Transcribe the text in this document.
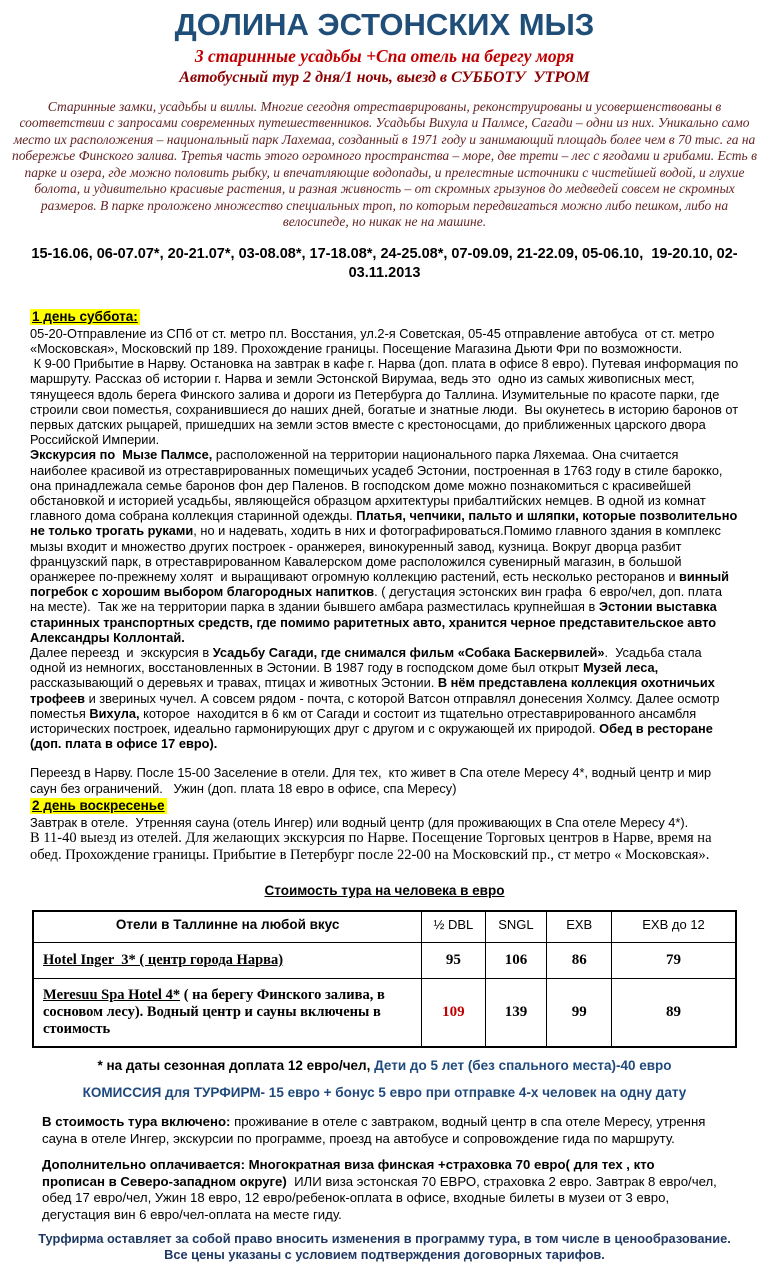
ДОЛИНА ЭСТОНСКИХ МЫЗ
3 старинные усадьбы +Спа отель на берегу моря
Автобусный тур 2 дня/1 ночь, выезд в СУББОТУ  УТРОМ

Старинные замки, усадьбы и виллы. Многие сегодня отреставрированы, реконструированы и усовершенствованы в соответствии с запросами современных путешественников. Усадьбы Вихула и Палмсе, Сагади – одни из них. Уникально само место их расположения – национальный парк Лахемаа, созданный в 1971 году и занимающий площадь более чем в 70 тыс. га на побережье Финского залива. Третья часть этого огромного пространства – море, две трети – лес с ягодами и грибами. Есть в парке и озера, где можно половить рыбку, и впечатляющие водопады, и прелестные источники с чистейшей водой, и глухие болота, и удивительно красивые растения, и разная живность – от скромных грызунов до медведей совсем не скромных размеров. В парке проложено множество специальных троп, по которым передвигаться можно либо пешком, либо на велосипеде, но никак не на машине.

15-16.06, 06-07.07*, 20-21.07*, 03-08.08*, 17-18.08*, 24-25.08*, 07-09.09, 21-22.09, 05-06.10,  19-20.10, 02-03.11.2013

1 день суббота:

05-20-Отправление из СПб от ст. метро пл. Восстания, ул.2-я Советская, 05-45 отправление автобуса  от ст. метро «Московская», Московский пр 189. Прохождение границы. Посещение Магазина Дьюти Фри по возможности.

К 9-00 Прибытие в Нарву. Остановка на завтрак в кафе г. Нарва (доп. плата в офисе 8 евро). Путевая информация по маршруту. Рассказ об истории г. Нарва и земли Эстонской Вирумаа, ведь это  одно из самых живописных мест, тянущееся вдоль берега Финского залива и дороги из Петербурга до Таллина. Изумительные по красоте парки, где строили свои поместья, сохранившиеся до наших дней, богатые и знатные люди.  Вы окунетесь в историю баронов от первых датских рыцарей, пришедших на земли эстов вместе с крестоносцами, до приближенных царского двора Российской Империи.

Экскурсия по  Мызе Палмсе, расположенной на территории национального парка Ляхемаа. Она считается наиболее красивой из отреставрированных помещичьих усадеб Эстонии, построенная в 1763 году в стиле барокко, она принадлежала семье баронов фон дер Паленов. В господском доме можно познакомиться с красивейшей обстановкой и историей усадьбы, являющейся образцом архитектуры прибалтийских немцев. В одной из комнат главного дома собрана коллекция старинной одежды. Платья, чепчики, пальто и шляпки, которые позволительно не только трогать руками, но и надевать, ходить в них и фотографироваться.Помимо главного здания в комплекс мызы входит и множество других построек - оранжерея, винокуренный завод, кузница. Вокруг дворца разбит французский парк, в отреставрированном Кавалерском доме расположился сувенирный магазин, в большой оранжерее по-прежнему холят  и выращивают огромную коллекцию растений, есть несколько ресторанов и винный погребок с хорошим выбором благородных напитков. ( дегустация эстонских вин графа  6 евро/чел, доп. плата на месте).  Так же на территории парка в здании бывшего амбара разместилась крупнейшая в Эстонии выставка старинных транспортных средств, где помимо раритетных авто, хранится черное представительское авто Александры Коллонтай.

Далее переезд  и  экскурсия в Усадьбу Сагади, где снимался фильм «Собака Баскервилей».  Усадьба стала одной из немногих, восстановленных в Эстонии. В 1987 году в господском доме был открыт Музей леса, рассказывающий о деревьях и травах, птицах и животных Эстонии. В нём представлена коллекция охотничьих трофеев и звериных чучел. А совсем рядом - почта, с которой Ватсон отправлял донесения Холмсу. Далее осмотр поместья Вихула, которое  находится в 6 км от Сагади и состоит из тщательно отреставрированного ансамбля исторических построек, идеально гармонирующих друг с другом и с окружающей их природой. Обед в ресторане (доп. плата в офисе 17 евро).

Переезд в Нарву. После 15-00 Заселение в отели. Для тех,  кто живет в Спа отеле Мересу 4*, водный центр и мир саун без ограничений.   Ужин (доп. плата 18 евро в офисе, спа Мересу)

2 день воскресенье

Завтрак в отеле.  Утренняя сауна (отель Ингер) или водный центр (для проживающих в Спа отеле Мересу 4*).

В 11-40 выезд из отелей. Для желающих экскурсия по Нарве. Посещение Торговых центров в Нарве, время на обед. Прохождение границы. Прибытие в Петербург после 22-00 на Московский пр., ст метро « Московская».

Стоимость тура на человека в евро
Отели в Таллинне на любой вкус	½ DBL	SNGL	EXB	EXB до 12
Hotel Inger  3* ( центр города Нарва)	95	106	86	79
Meresuu Spa Hotel 4* ( на берегу Финского залива, в сосновом лесу). Водный центр и сауны включены в стоимость	109	139	99	89
* на даты сезонная доплата 12 евро/чел, Дети до 5 лет (без спального места)-40 евро
КОМИССИЯ для ТУРФИРМ- 15 евро + бонус 5 евро при отправке 4-х человек на одну дату

В стоимость тура включено: проживание в отеле с завтраком, водный центр в спа отеле Мересу, утрення сауна в отеле Ингер, экскурсии по программе, проезд на автобусе и сопровождение гида по маршруту.

Дополнительно оплачивается: Многократная виза финская +страховка 70 евро( для тех , кто прописан в Северо-западном округе)  ИЛИ виза эстонская 70 ЕВРО, страховка 2 евро. Завтрак 8 евро/чел, обед 17 евро/чел, Ужин 18 евро, 12 евро/ребенок-оплата в офисе, входные билеты в музеи от 3 евро, дегустация вин 6 евро/чел-оплата на месте гиду.

Турфирма оставляет за собой право вносить изменения в программу тура, в том числе в ценообразование. Все цены указаны с условием подтверждения договорных тарифов.
